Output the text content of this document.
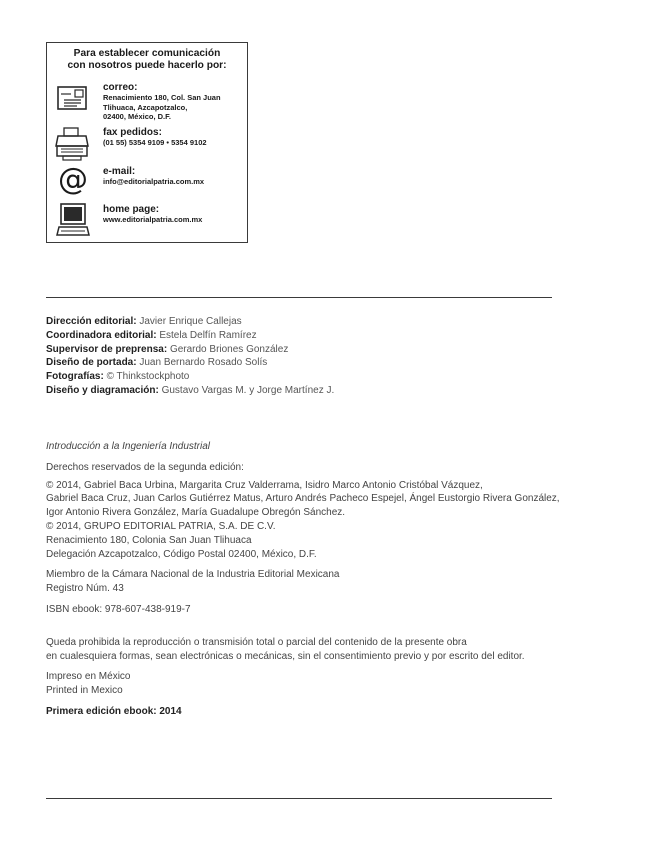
Para establecer comunicación
con nosotros puede hacerlo por:
correo:
Renacimiento 180, Col. San Juan
Tlihuaca, Azcapotzalco,
02400, México, D.F.
fax pedidos:
(01 55) 5354 9109 • 5354 9102
@	e-mail:
info@editorialpatria.com.mx
home page:
www.editorialpatria.com.mx
Dirección editorial: Javier Enrique Callejas
Coordinadora editorial: Estela Delfín Ramírez
Supervisor de preprensa: Gerardo Briones González
Diseño de portada: Juan Bernardo Rosado Solís
Fotografías: © Thinkstockphoto
Diseño y diagramación: Gustavo Vargas M. y Jorge Martínez J.
Introducción a la Ingeniería Industrial
Derechos reservados de la segunda edición:
© 2014, Gabriel Baca Urbina, Margarita Cruz Valderrama, Isidro Marco Antonio Cristóbal Vázquez,
Gabriel Baca Cruz, Juan Carlos Gutiérrez Matus, Arturo Andrés Pacheco Espejel, Ángel Eustorgio Rivera González,
Igor Antonio Rivera González, María Guadalupe Obregón Sánchez.
© 2014, GRUPO EDITORIAL PATRIA, S.A. DE C.V.
Renacimiento 180, Colonia San Juan Tlihuaca
Delegación Azcapotzalco, Código Postal 02400, México, D.F.
Miembro de la Cámara Nacional de la Industria Editorial Mexicana
Registro Núm. 43
ISBN ebook: 978-607-438-919-7
Queda prohibida la reproducción o transmisión total o parcial del contenido de la presente obra
en cualesquiera formas, sean electrónicas o mecánicas, sin el consentimiento previo y por escrito del editor.
Impreso en México
Printed in Mexico
Primera edición ebook: 2014
